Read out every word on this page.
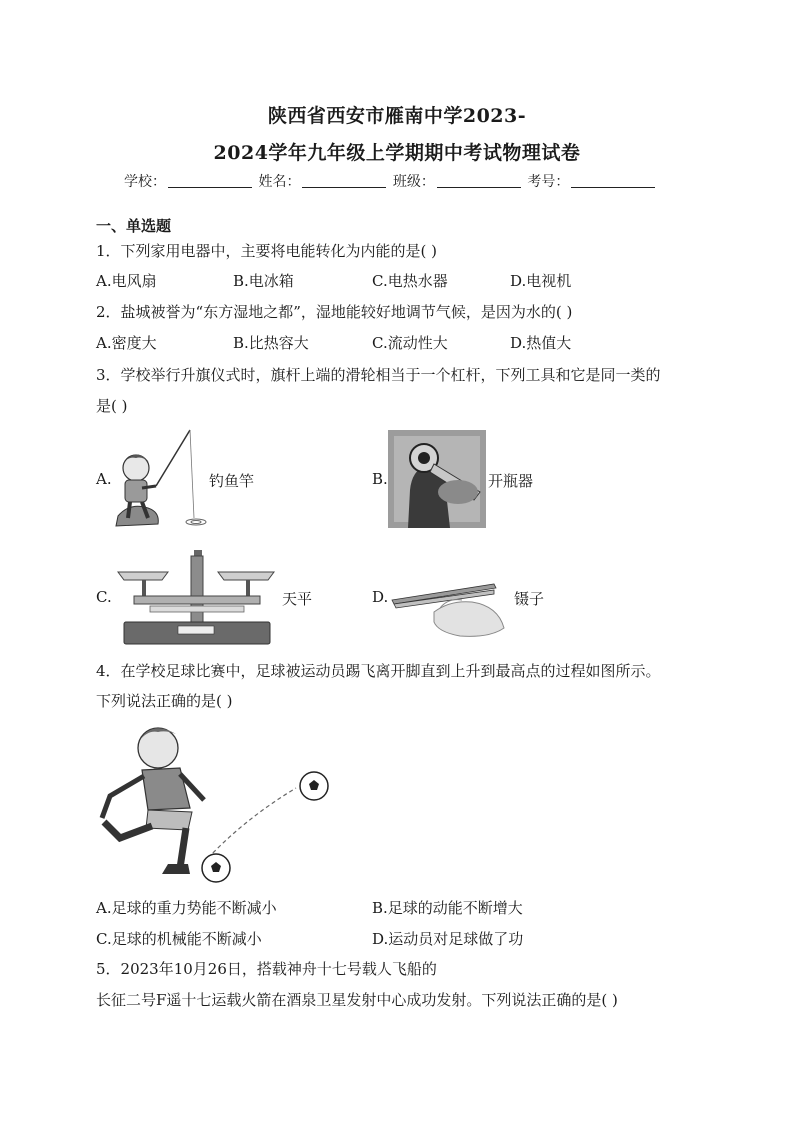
陕西省西安市雁南中学2023-
2024学年九年级上学期期中考试物理试卷
学校：	姓名：	班级：	考号：
一、单选题
1．下列家用电器中，主要将电能转化为内能的是( )
A.电风扇	B.电冰箱	C.电热水器	D.电视机
2．盐城被誉为“东方湿地之都”，湿地能较好地调节气候，是因为水的( )
A.密度大	B.比热容大	C.流动性大	D.热值大
3．学校举行升旗仪式时，旗杆上端的滑轮相当于一个杠杆，下列工具和它是同一类的
是( )
A.	钓鱼竿	B.	开瓶器
C.	天平	D.	镊子
4．在学校足球比赛中，足球被运动员踢飞离开脚直到上升到最高点的过程如图所示。
下列说法正确的是( )
A.足球的重力势能不断减小	B.足球的动能不断增大
C.足球的机械能不断减小	D.运动员对足球做了功
5．2023年10月26日，搭载神舟十七号载人飞船的
长征二号F遥十七运载火箭在酒泉卫星发射中心成功发射。下列说法正确的是( )
